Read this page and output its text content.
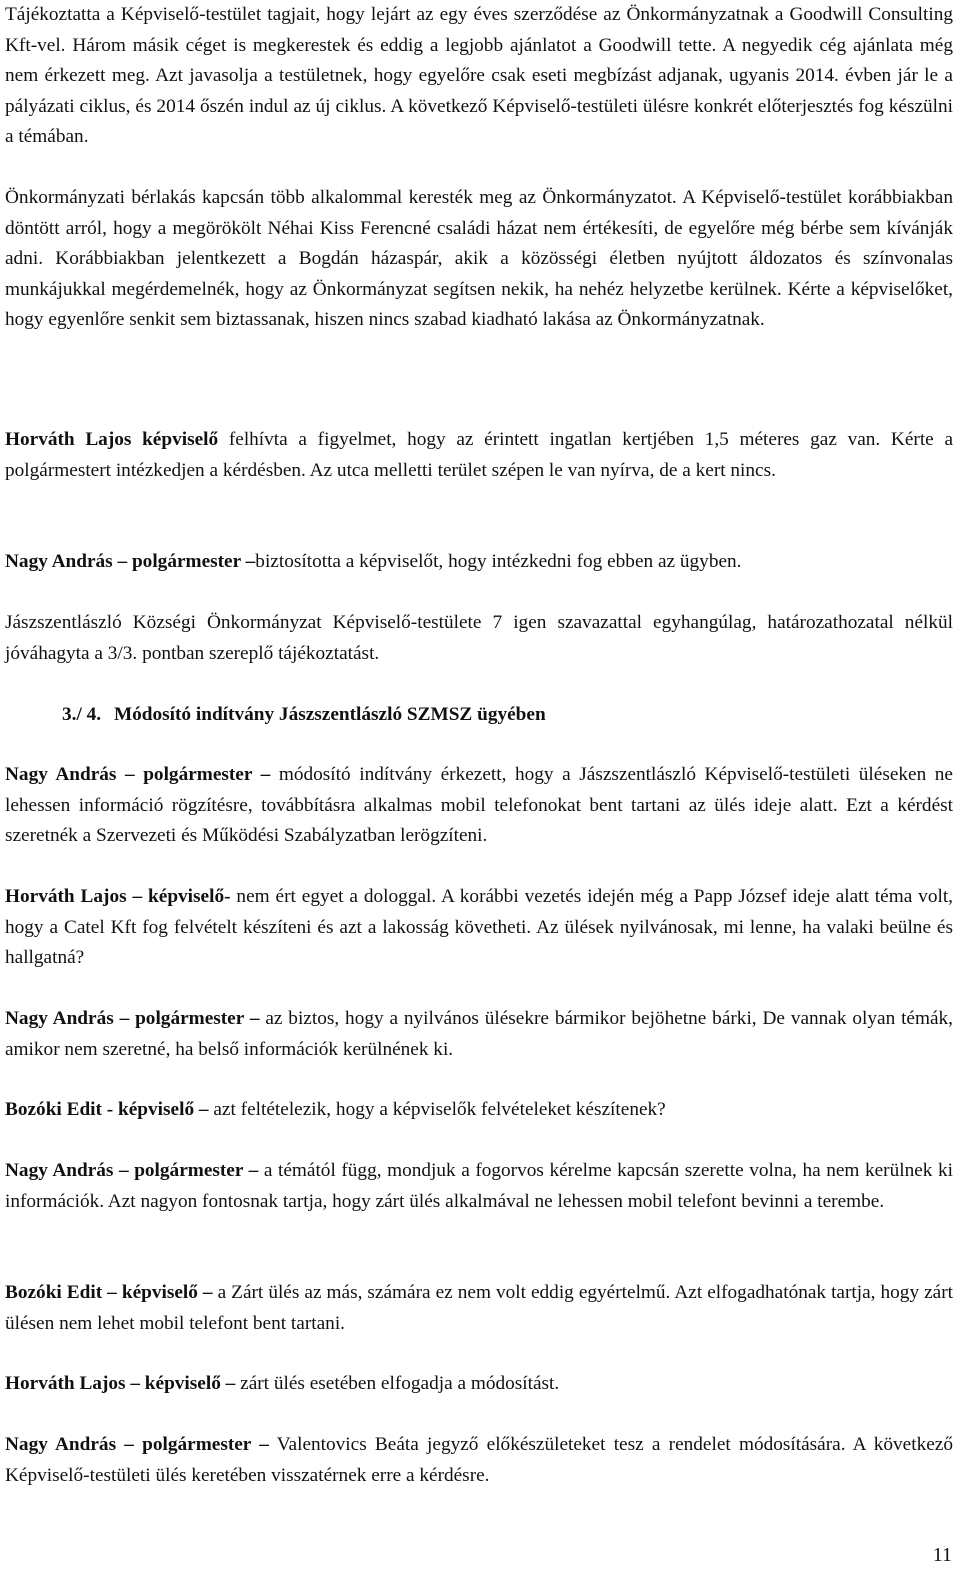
Tájékoztatta a Képviselő-testület tagjait, hogy lejárt az egy éves szerződése az Önkormányzatnak a Goodwill Consulting Kft-vel. Három másik céget is megkerestek és eddig a legjobb ajánlatot a Goodwill tette. A negyedik cég ajánlata még nem érkezett meg. Azt javasolja a testületnek, hogy egyelőre csak eseti megbízást adjanak, ugyanis 2014. évben jár le a pályázati ciklus, és 2014 őszén indul az új ciklus. A következő Képviselő-testületi ülésre konkrét előterjesztés fog készülni a témában.

Önkormányzati bérlakás kapcsán több alkalommal keresték meg az Önkormányzatot. A Képviselő-testület korábbiakban döntött arról, hogy a megörökölt Néhai Kiss Ferencné családi házat nem értékesíti, de egyelőre még bérbe sem kívánják adni. Korábbiakban jelentkezett a Bogdán házaspár, akik a közösségi életben nyújtott áldozatos és színvonalas munkájukkal megérdemelnék, hogy az Önkormányzat segítsen nekik, ha nehéz helyzetbe kerülnek. Kérte a képviselőket, hogy egyenlőre senkit sem biztassanak, hiszen nincs szabad kiadható lakása az Önkormányzatnak.

Horváth Lajos képviselő felhívta a figyelmet, hogy az érintett ingatlan kertjében 1,5 méteres gaz van. Kérte a polgármestert intézkedjen a kérdésben. Az utca melletti terület szépen le van nyírva, de a kert nincs.

Nagy András – polgármester –biztosította a képviselőt, hogy intézkedni fog ebben az ügyben.

Jászszentlászló Községi Önkormányzat Képviselő-testülete 7 igen szavazattal egyhangúlag, határozathozatal nélkül jóváhagyta a 3/3. pontban szereplő tájékoztatást.

3./ 4. Módosító indítvány Jászszentlászló SZMSZ ügyében

Nagy András – polgármester – módosító indítvány érkezett, hogy a Jászszentlászló Képviselő-testületi üléseken ne lehessen információ rögzítésre, továbbításra alkalmas mobil telefonokat bent tartani az ülés ideje alatt. Ezt a kérdést szeretnék a Szervezeti és Működési Szabályzatban lerögzíteni.

Horváth Lajos – képviselő- nem ért egyet a dologgal. A korábbi vezetés idején még a Papp József ideje alatt téma volt, hogy a Catel Kft fog felvételt készíteni és azt a lakosság követheti. Az ülések nyilvánosak, mi lenne, ha valaki beülne és hallgatná?

Nagy András – polgármester – az biztos, hogy a nyilvános ülésekre bármikor bejöhetne bárki, De vannak olyan témák, amikor nem szeretné, ha belső információk kerülnének ki.

Bozóki Edit - képviselő – azt feltételezik, hogy a képviselők felvételeket készítenek?

Nagy András – polgármester – a témától függ, mondjuk a fogorvos kérelme kapcsán szerette volna, ha nem kerülnek ki információk. Azt nagyon fontosnak tartja, hogy zárt ülés alkalmával ne lehessen mobil telefont bevinni a terembe.

Bozóki Edit – képviselő – a Zárt ülés az más, számára ez nem volt eddig egyértelmű. Azt elfogadhatónak tartja, hogy zárt ülésen nem lehet mobil telefont bent tartani.

Horváth Lajos – képviselő – zárt ülés esetében elfogadja a módosítást.

Nagy András – polgármester – Valentovics Beáta jegyző előkészületeket tesz a rendelet módosítására. A következő Képviselő-testületi ülés keretében visszatérnek erre a kérdésre.

11
